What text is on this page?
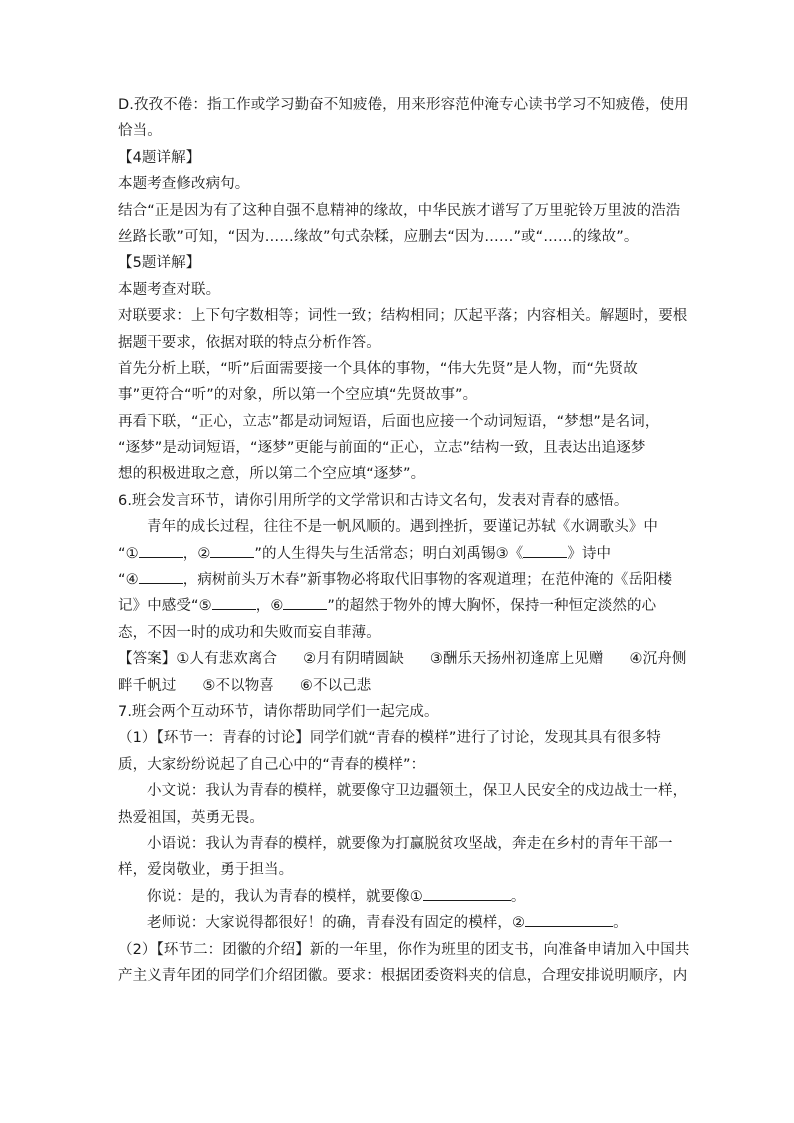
D.孜孜不倦：指工作或学习勤奋不知疲倦，用来形容范仲淹专心读书学习不知疲倦，使用
恰当。
【4题详解】
本题考查修改病句。
结合“正是因为有了这种自强不息精神的缘故，中华民族才谱写了万里驼铃万里波的浩浩
丝路长歌”可知，“因为……缘故”句式杂糅，应删去“因为……”或“……的缘故”。
【5题详解】
本题考查对联。
对联要求：上下句字数相等；词性一致；结构相同；仄起平落；内容相关。解题时，要根
据题干要求，依据对联的特点分析作答。
首先分析上联，“听”后面需要接一个具体的事物，“伟大先贤”是人物，而“先贤故
事”更符合“听”的对象，所以第一个空应填“先贤故事”。
再看下联，“正心，立志”都是动词短语，后面也应接一个动词短语，“梦想”是名词，
“逐梦”是动词短语，“逐梦”更能与前面的“正心，立志”结构一致，且表达出追逐梦
想的积极进取之意，所以第二个空应填“逐梦”。
6.班会发言环节，请你引用所学的文学常识和古诗文名句，发表对青春的感悟。
青年的成长过程，往往不是一帆风顺的。遇到挫折，要谨记苏轼《水调歌头》中
“①	，②	”的人生得失与生活常态；明白刘禹锡③《	》诗中
“④	，病树前头万木春”新事物必将取代旧事物的客观道理；在范仲淹的《岳阳楼
记》中感受“⑤	，⑥	”的超然于物外的博大胸怀，保持一种恒定淡然的心
态，不因一时的成功和失败而妄自菲薄。
【答案】①人有悲欢离合 ②月有阴晴圆缺 ③酬乐天扬州初逢席上见赠 ④沉舟侧
畔千帆过 ⑤不以物喜 ⑥不以己悲
7.班会两个互动环节，请你帮助同学们一起完成。
（1）【环节一：青春的讨论】同学们就“青春的模样”进行了讨论，发现其具有很多特
质，大家纷纷说起了自己心中的“青春的模样”：
小文说：我认为青春的模样，就要像守卫边疆领土，保卫人民安全的戍边战士一样，
热爱祖国，英勇无畏。
小语说：我认为青春的模样，就要像为打赢脱贫攻坚战，奔走在乡村的青年干部一
样，爱岗敬业，勇于担当。
你说：是的，我认为青春的模样，就要像①	。
老师说：大家说得都很好！的确，青春没有固定的模样，②	。
（2）【环节二：团徽的介绍】新的一年里，你作为班里的团支书，向准备申请加入中国共
产主义青年团的同学们介绍团徽。要求：根据团委资料夹的信息，合理安排说明顺序，内
